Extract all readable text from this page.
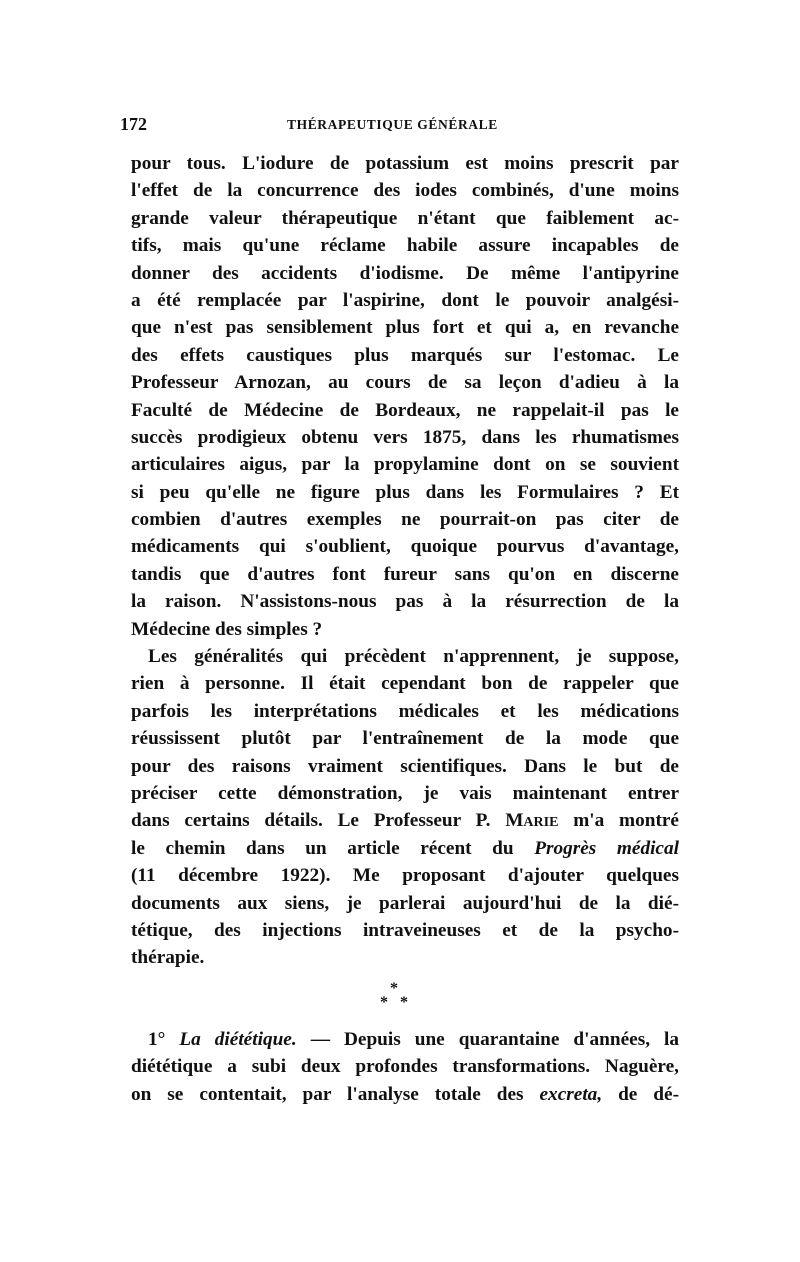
172	THÉRAPEUTIQUE GÉNÉRALE
pour tous. L'iodure de potassium est moins prescrit par
l'effet de la concurrence des iodes combinés, d'une moins
grande valeur thérapeutique n'étant que faiblement ac-
tifs, mais qu'une réclame habile assure incapables de
donner des accidents d'iodisme. De même l'antipyrine
a été remplacée par l'aspirine, dont le pouvoir analgési-
que n'est pas sensiblement plus fort et qui a, en revanche
des effets caustiques plus marqués sur l'estomac. Le
Professeur Arnozan, au cours de sa leçon d'adieu à la
Faculté de Médecine de Bordeaux, ne rappelait-il pas le
succès prodigieux obtenu vers 1875, dans les rhumatismes
articulaires aigus, par la propylamine dont on se souvient
si peu qu'elle ne figure plus dans les Formulaires ? Et
combien d'autres exemples ne pourrait-on pas citer de
médicaments qui s'oublient, quoique pourvus d'avantage,
tandis que d'autres font fureur sans qu'on en discerne
la raison. N'assistons-nous pas à la résurrection de la
Médecine des simples ?
Les généralités qui précèdent n'apprennent, je suppose,
rien à personne. Il était cependant bon de rappeler que
parfois les interprétations médicales et les médications
réussissent plutôt par l'entraînement de la mode que
pour des raisons vraiment scientifiques. Dans le but de
préciser cette démonstration, je vais maintenant entrer
dans certains détails. Le Professeur P. Marie m'a montré
le chemin dans un article récent du Progrès médical
(11 décembre 1922). Me proposant d'ajouter quelques
documents aux siens, je parlerai aujourd'hui de la dié-
tétique, des injections intraveineuses et de la psycho-
thérapie.
*
* *
1° La diététique. — Depuis une quarantaine d'années, la
diététique a subi deux profondes transformations. Naguère,
on se contentait, par l'analyse totale des excreta, de dé-
